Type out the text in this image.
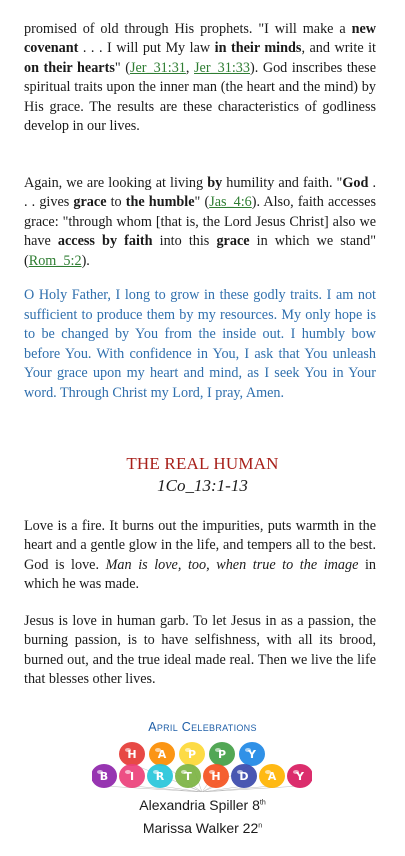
promised of old through His prophets. "I will make a new covenant . . . I will put My law in their minds, and write it on their hearts" (Jer_31:31, Jer_31:33). God inscribes these spiritual traits upon the inner man (the heart and the mind) by His grace. The results are these characteristics of godliness develop in our lives.

Again, we are looking at living by humility and faith. "God . . . gives grace to the humble" (Jas_4:6). Also, faith accesses grace: "through whom [that is, the Lord Jesus Christ] also we have access by faith into this grace in which we stand" (Rom_5:2).

O Holy Father, I long to grow in these godly traits. I am not sufficient to produce them by my resources. My only hope is to be changed by You from the inside out. I humbly bow before You. With confidence in You, I ask that You unleash Your grace upon my heart and mind, as I seek You in Your word. Through Christ my Lord, I pray, Amen.

THE REAL HUMAN
1Co_13:1-13

Love is a fire. It burns out the impurities, puts warmth in the heart and a gentle glow in the life, and tempers all to the best. God is love. Man is love, too, when true to the image in which he was made.

Jesus is love in human garb. To let Jesus in as a passion, the burning passion, is to have selfishness, with all its brood, burned out, and the true ideal made real. Then we live the life that blesses other lives.

April Celebrations
H A P P Y
B I R T H D A Y
Alexandria Spiller 8th
Marissa Walker 22$^n$
